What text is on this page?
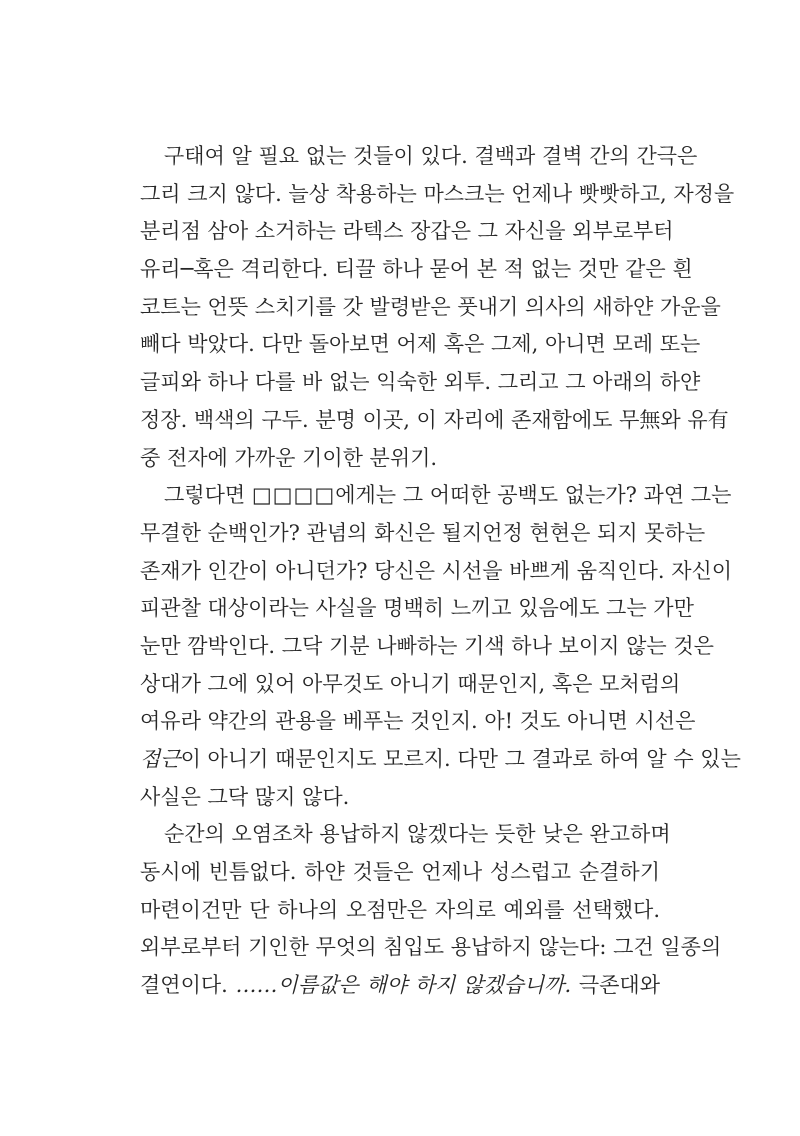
구태여 알 필요 없는 것들이 있다. 결백과 결벽 간의 간극은
그리 크지 않다. 늘상 착용하는 마스크는 언제나 빳빳하고, 자정을
분리점 삼아 소거하는 라텍스 장갑은 그 자신을 외부로부터
유리─혹은 격리한다. 티끌 하나 묻어 본 적 없는 것만 같은 흰
코트는 언뜻 스치기를 갓 발령받은 풋내기 의사의 새하얀 가운을
빼다 박았다. 다만 돌아보면 어제 혹은 그제, 아니면 모레 또는
글피와 하나 다를 바 없는 익숙한 외투. 그리고 그 아래의 하얀
정장. 백색의 구두. 분명 이곳, 이 자리에 존재함에도 무無와 유有
중 전자에 가까운 기이한 분위기.
그렇다면 □□□□에게는 그 어떠한 공백도 없는가? 과연 그는
무결한 순백인가? 관념의 화신은 될지언정 현현은 되지 못하는
존재가 인간이 아니던가? 당신은 시선을 바쁘게 움직인다. 자신이
피관찰 대상이라는 사실을 명백히 느끼고 있음에도 그는 가만
눈만 깜박인다. 그닥 기분 나빠하는 기색 하나 보이지 않는 것은
상대가 그에 있어 아무것도 아니기 때문인지, 혹은 모처럼의
여유라 약간의 관용을 베푸는 것인지. 아! 것도 아니면 시선은
접근이 아니기 때문인지도 모르지. 다만 그 결과로 하여 알 수 있는
사실은 그닥 많지 않다.
순간의 오염조차 용납하지 않겠다는 듯한 낮은 완고하며
동시에 빈틈없다. 하얀 것들은 언제나 성스럽고 순결하기
마련이건만 단 하나의 오점만은 자의로 예외를 선택했다.
외부로부터 기인한 무엇의 침입도 용납하지 않는다: 그건 일종의
결연이다. ……이름값은 해야 하지 않겠습니까. 극존대와
